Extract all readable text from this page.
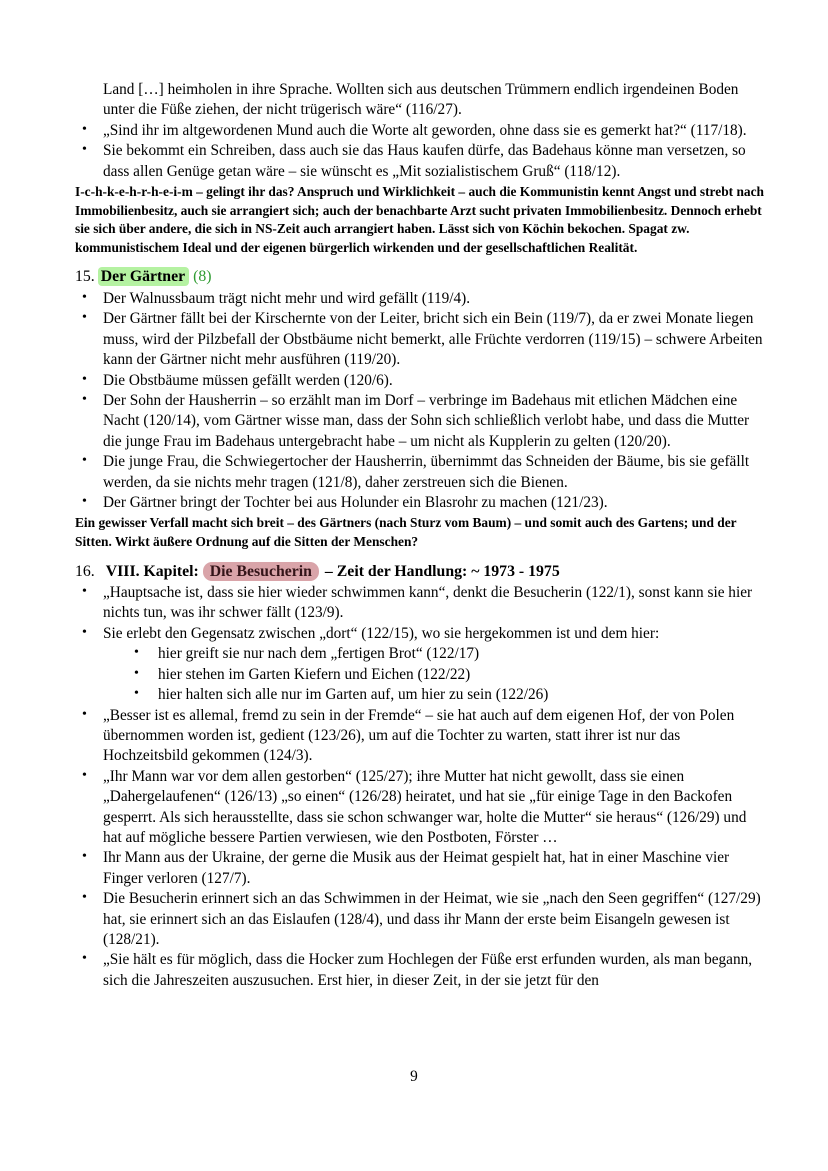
Land […] heimholen in ihre Sprache. Wollten sich aus deutschen Trümmern endlich irgendeinen Boden unter die Füße ziehen, der nicht trügerisch wäre“ (116/27).

• „Sind ihr im altgewordenen Mund auch die Worte alt geworden, ohne dass sie es gemerkt hat?“ (117/18).
• Sie bekommt ein Schreiben, dass auch sie das Haus kaufen dürfe, das Badehaus könne man versetzen, so dass allen Genüge getan wäre – sie wünscht es „Mit sozialistischem Gruß“ (118/12).

I-c-h-k-e-h-r-h-e-i-m – gelingt ihr das? Anspruch und Wirklichkeit – auch die Kommunistin kennt Angst und strebt nach Immobilienbesitz, auch sie arrangiert sich; auch der benachbarte Arzt sucht privaten Immobilienbesitz. Dennoch erhebt sie sich über andere, die sich in NS-Zeit auch arrangiert haben. Lässt sich von Köchin bekochen. Spagat zw. kommunistischem Ideal und der eigenen bürgerlich wirkenden und der gesellschaftlichen Realität.

15. Der Gärtner (8)

• Der Walnussbaum trägt nicht mehr und wird gefällt (119/4).
• Der Gärtner fällt bei der Kirschernte von der Leiter, bricht sich ein Bein (119/7), da er zwei Monate liegen muss, wird der Pilzbefall der Obstbäume nicht bemerkt, alle Früchte verdorren (119/15) – schwere Arbeiten kann der Gärtner nicht mehr ausführen (119/20).
• Die Obstbäume müssen gefällt werden (120/6).
• Der Sohn der Hausherrin – so erzählt man im Dorf – verbringe im Badehaus mit etlichen Mädchen eine Nacht (120/14), vom Gärtner wisse man, dass der Sohn sich schließlich verlobt habe, und dass die Mutter die junge Frau im Badehaus untergebracht habe – um nicht als Kupplerin zu gelten (120/20).
• Die junge Frau, die Schwiegertocher der Hausherrin, übernimmt das Schneiden der Bäume, bis sie gefällt werden, da sie nichts mehr tragen (121/8), daher zerstreuen sich die Bienen.
• Der Gärtner bringt der Tochter bei aus Holunder ein Blasrohr zu machen (121/23).

Ein gewisser Verfall macht sich breit – des Gärtners (nach Sturz vom Baum) – und somit auch des Gartens; und der Sitten. Wirkt äußere Ordnung auf die Sitten der Menschen?

16. VIII. Kapitel: Die Besucherin – Zeit der Handlung: ~ 1973 - 1975

• „Hauptsache ist, dass sie hier wieder schwimmen kann“, denkt die Besucherin (122/1), sonst kann sie hier nichts tun, was ihr schwer fällt (123/9).
• Sie erlebt den Gegensatz zwischen „dort“ (122/15), wo sie hergekommen ist und dem hier:
• hier greift sie nur nach dem „fertigen Brot“ (122/17)
• hier stehen im Garten Kiefern und Eichen (122/22)
• hier halten sich alle nur im Garten auf, um hier zu sein (122/26)
• „Besser ist es allemal, fremd zu sein in der Fremde“ – sie hat auch auf dem eigenen Hof, der von Polen übernommen worden ist, gedient (123/26), um auf die Tochter zu warten, statt ihrer ist nur das Hochzeitsbild gekommen (124/3).
• „Ihr Mann war vor dem allen gestorben“ (125/27); ihre Mutter hat nicht gewollt, dass sie einen „Dahergelaufenen“ (126/13) „so einen“ (126/28) heiratet, und hat sie „für einige Tage in den Backofen gesperrt. Als sich herausstellte, dass sie schon schwanger war, holte die Mutter“ sie heraus“ (126/29) und hat auf mögliche bessere Partien verwiesen, wie den Postboten, Förster …
• Ihr Mann aus der Ukraine, der gerne die Musik aus der Heimat gespielt hat, hat in einer Maschine vier Finger verloren (127/7).
• Die Besucherin erinnert sich an das Schwimmen in der Heimat, wie sie „nach den Seen gegriffen“ (127/29) hat, sie erinnert sich an das Eislaufen (128/4), und dass ihr Mann der erste beim Eisangeln gewesen ist (128/21).
• „Sie hält es für möglich, dass die Hocker zum Hochlegen der Füße erst erfunden wurden, als man begann, sich die Jahreszeiten auszusuchen. Erst hier, in dieser Zeit, in der sie jetzt für den
9
